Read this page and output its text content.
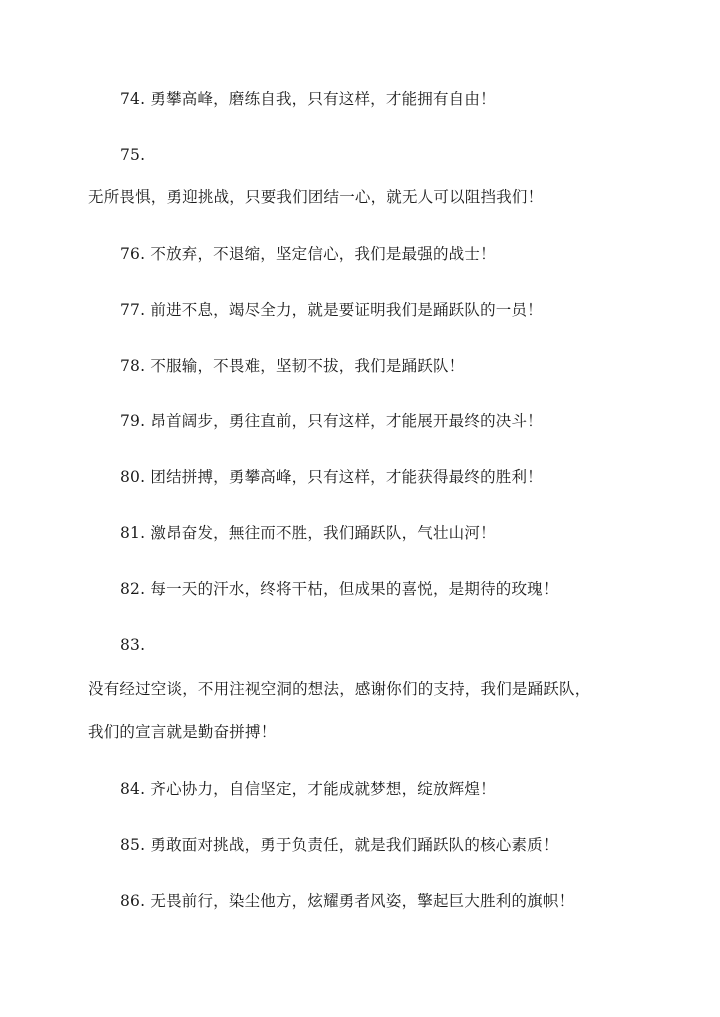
74. 勇攀高峰，磨练自我，只有这样，才能拥有自由！
75.
无所畏惧，勇迎挑战，只要我们团结一心，就无人可以阻挡我们！
76. 不放弃，不退缩，坚定信心，我们是最强的战士！
77. 前进不息，竭尽全力，就是要证明我们是踊跃队的一员！
78. 不服输，不畏难，坚韧不拔，我们是踊跃队！
79. 昂首阔步，勇往直前，只有这样，才能展开最终的决斗！
80. 团结拼搏，勇攀高峰，只有这样，才能获得最终的胜利！
81. 激昂奋发，無往而不胜，我们踊跃队，气壮山河！
82. 每一天的汗水，终将干枯，但成果的喜悦，是期待的玫瑰！
83.
没有经过空谈，不用注视空洞的想法，感谢你们的支持，我们是踊跃队，
我们的宣言就是勤奋拼搏！
84. 齐心协力，自信坚定，才能成就梦想，绽放辉煌！
85. 勇敢面对挑战，勇于负责任，就是我们踊跃队的核心素质！
86. 无畏前行，染尘他方，炫耀勇者风姿，擎起巨大胜利的旗帜！
